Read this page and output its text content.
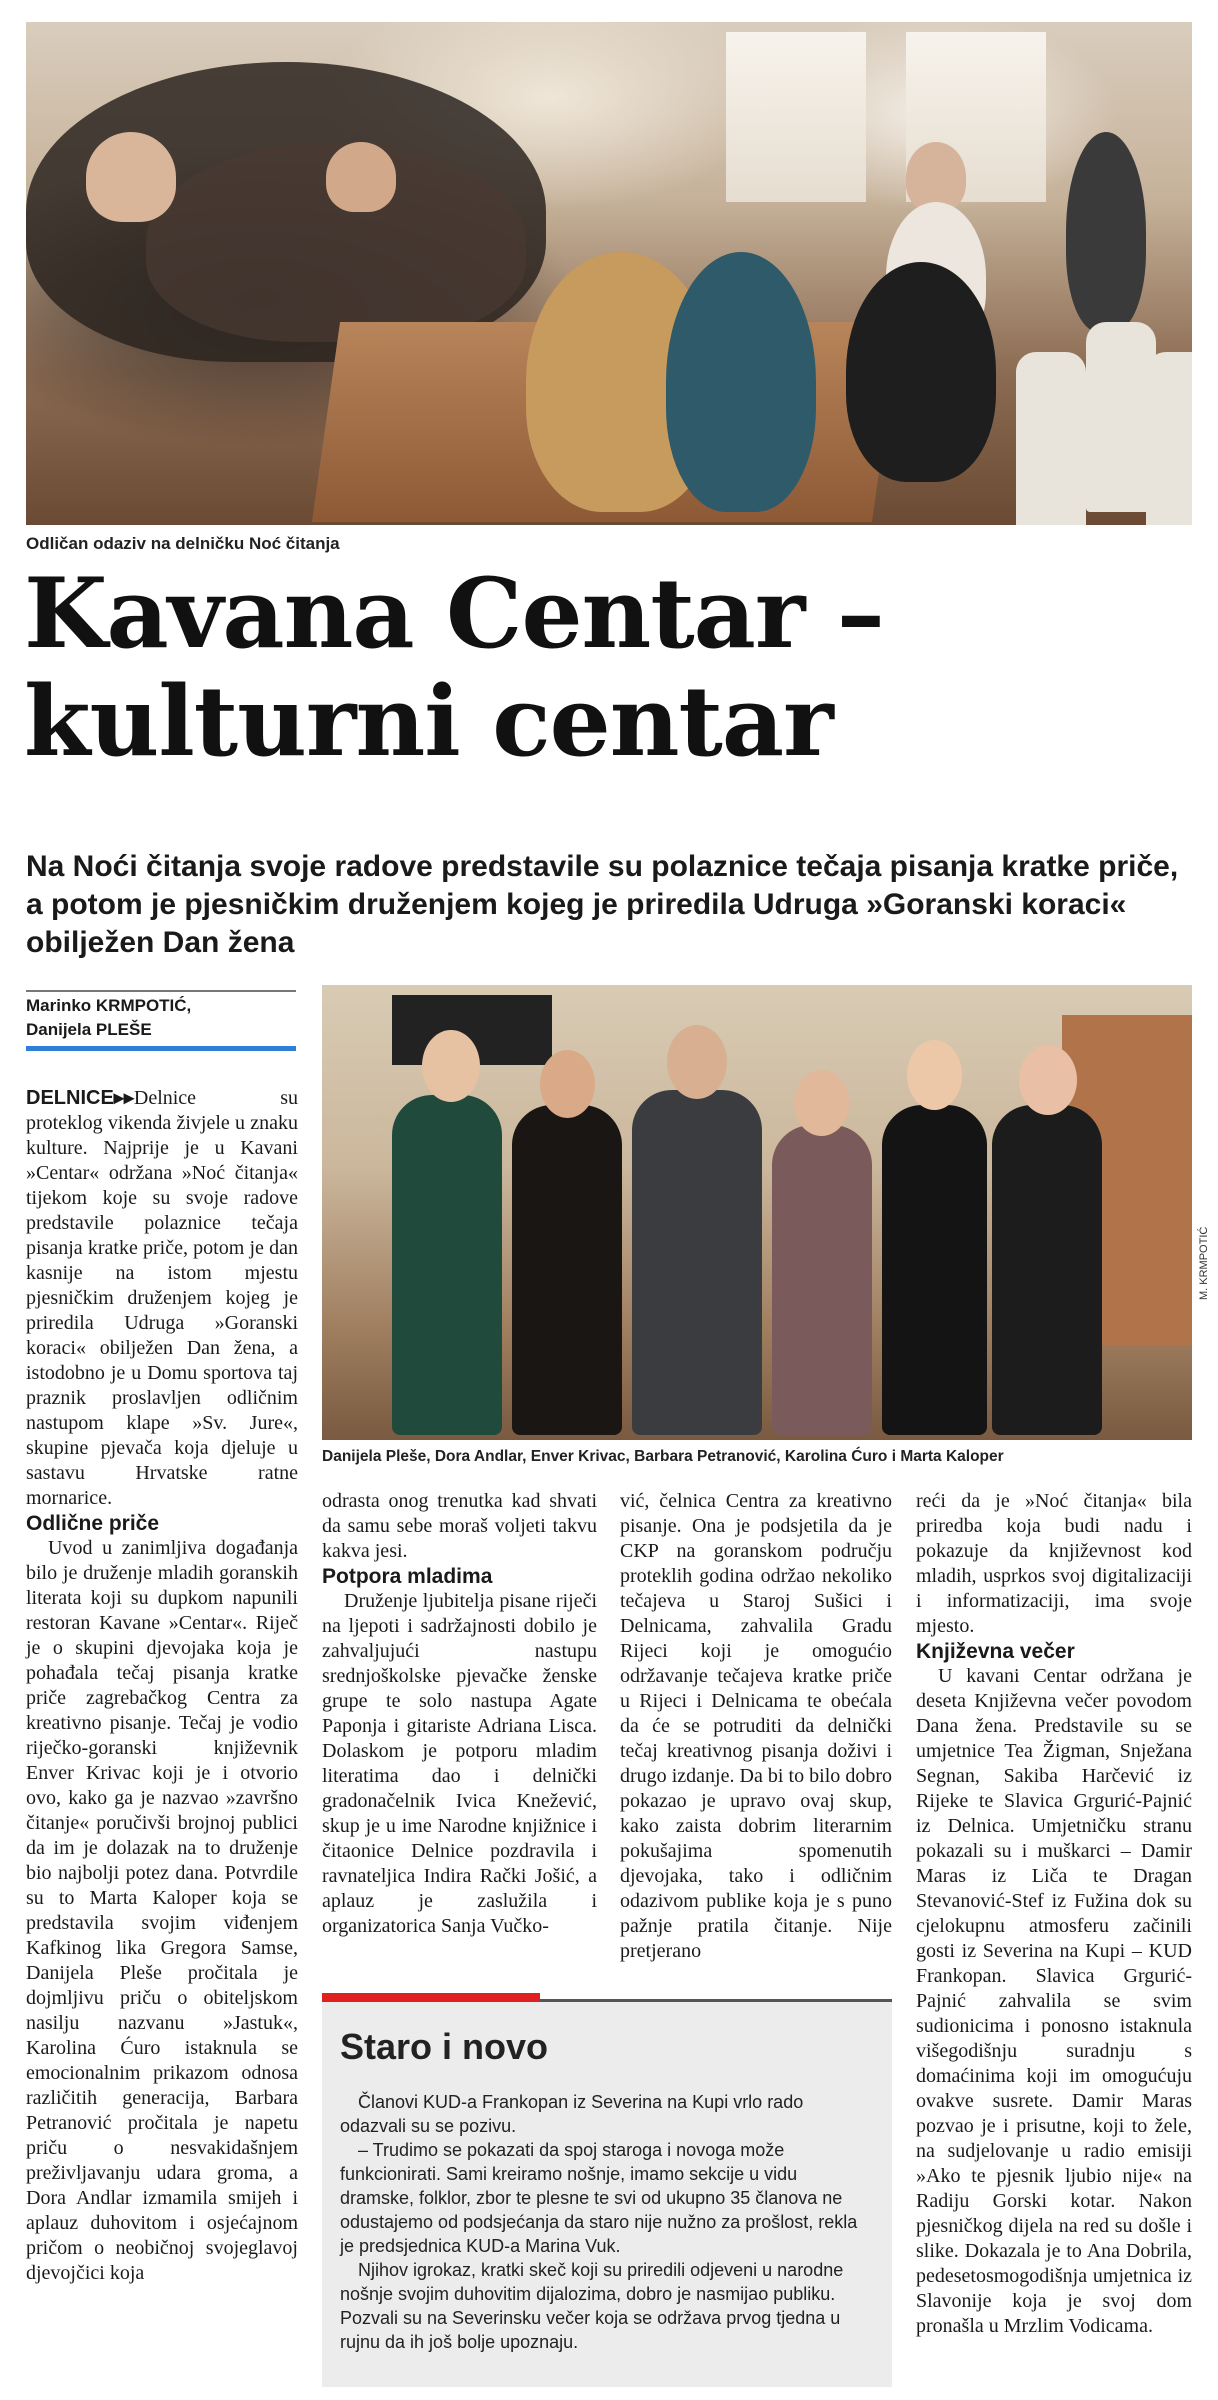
Odličan odaziv na delničku Noć čitanja
Kavana Centar –
kulturni centar
Na Noći čitanja svoje radove predstavile su polaznice tečaja pisanja kratke priče, a potom je pjesničkim druženjem kojeg je priredila Udruga »Goranski koraci« obilježen Dan žena
Marinko KRMPOTIĆ,
Danijela PLEŠE
M. KRMPOTIĆ
Danijela Pleše, Dora Andlar, Enver Krivac, Barbara Petranović, Karolina Ćuro i Marta Kaloper

DELNICE▸▸Delnice su proteklog vikenda živjele u znaku kulture. Najprije je u Kavani »Centar« održana »Noć čitanja« tijekom koje su svoje radove predstavile polaznice tečaja pisanja kratke priče, potom je dan kasnije na istom mjestu pjesničkim druženjem kojeg je priredila Udruga »Goranski koraci« obilježen Dan žena, a istodobno je u Domu sportova taj praznik proslavljen odličnim nastupom klape »Sv. Jure«, skupine pjevača koja djeluje u sastavu Hrvatske ratne mornarice.

Odlične priče

Uvod u zanimljiva događanja bilo je druženje mladih goranskih literata koji su dupkom napunili restoran Kavane »Centar«. Riječ je o skupini djevojaka koja je pohađala tečaj pisanja kratke priče zagrebačkog Centra za kreativno pisanje. Tečaj je vodio riječko-goranski književnik Enver Krivac koji je i otvorio ovo, kako ga je nazvao »završno čitanje« poručivši brojnoj publici da im je dolazak na to druženje bio najbolji potez dana. Potvrdile su to Marta Kaloper koja se predstavila svojim viđenjem Kafkinog lika Gregora Samse, Danijela Pleše pročitala je dojmljivu priču o obiteljskom nasilju nazvanu »Jastuk«, Karolina Ćuro istaknula se emocionalnim prikazom odnosa različitih generacija, Barbara Petranović pročitala je napetu priču o nesvakidašnjem preživljavanju udara groma, a Dora Andlar izmamila smijeh i aplauz duhovitom i osjećajnom pričom o neobičnoj svojeglavoj djevojčici koja

odrasta onog trenutka kad shvati da samu sebe moraš voljeti takvu kakva jesi.

Potpora mladima

Druženje ljubitelja pisane riječi na ljepoti i sadržajnosti dobilo je zahvaljujući nastupu srednjoškolske pjevačke ženske grupe te solo nastupa Agate Paponja i gitariste Adriana Lisca. Dolaskom je potporu mladim literatima dao i delnički gradonačelnik Ivica Knežević, skup je u ime Narodne knjižnice i čitaonice Delnice pozdravila i ravnateljica Indira Rački Jošić, a aplauz je zaslužila i organizatorica Sanja Vučko-

vić, čelnica Centra za kreativno pisanje. Ona je podsjetila da je CKP na goranskom području proteklih godina održao nekoliko tečajeva u Staroj Sušici i Delnicama, zahvalila Gradu Rijeci koji je omogućio održavanje tečajeva kratke priče u Rijeci i Delnicama te obećala da će se potruditi da delnički tečaj kreativnog pisanja doživi i drugo izdanje. Da bi to bilo dobro pokazao je upravo ovaj skup, kako zaista dobrim literarnim pokušajima spomenutih djevojaka, tako i odličnim odazivom publike koja je s puno pažnje pratila čitanje. Nije pretjerano

reći da je »Noć čitanja« bila priredba koja budi nadu i pokazuje da književnost kod mladih, usprkos svoj digitalizaciji i informatizaciji, ima svoje mjesto.

Književna večer

U kavani Centar održana je deseta Književna večer povodom Dana žena. Predstavile su se umjetnice Tea Žigman, Snježana Segnan, Sakiba Harčević iz Rijeke te Slavica Grgurić-Pajnić iz Delnica. Umjetničku stranu pokazali su i muškarci – Damir Maras iz Liča te Dragan Stevanović-Stef iz Fužina dok su cjelokupnu atmosferu začinili gosti iz Severina na Kupi – KUD Frankopan. Slavica Grgurić-Pajnić zahvalila se svim sudionicima i ponosno istaknula višegodišnju suradnju s domaćinima koji im omogućuju ovakve susrete. Damir Maras pozvao je i prisutne, koji to žele, na sudjelovanje u radio emisiji »Ako te pjesnik ljubio nije« na Radiju Gorski kotar. Nakon pjesničkog dijela na red su došle i slike. Dokazala je to Ana Dobrila, pedesetosmogodišnja umjetnica iz Slavonije koja je svoj dom pronašla u Mrzlim Vodicama.

Staro i novo

Članovi KUD-a Frankopan iz Severina na Kupi vrlo rado odazvali su se pozivu.

– Trudimo se pokazati da spoj staroga i novoga može funkcionirati. Sami kreiramo nošnje, imamo sekcije u vidu dramske, folklor, zbor te plesne te svi od ukupno 35 članova ne odustajemo od podsjećanja da staro nije nužno za prošlost, rekla je predsjednica KUD-a Marina Vuk.

Njihov igrokaz, kratki skeč koji su priredili odjeveni u narodne nošnje svojim duhovitim dijalozima, dobro je nasmijao publiku. Pozvali su na Severinsku večer koja se održava prvog tjedna u rujnu da ih još bolje upoznaju.
